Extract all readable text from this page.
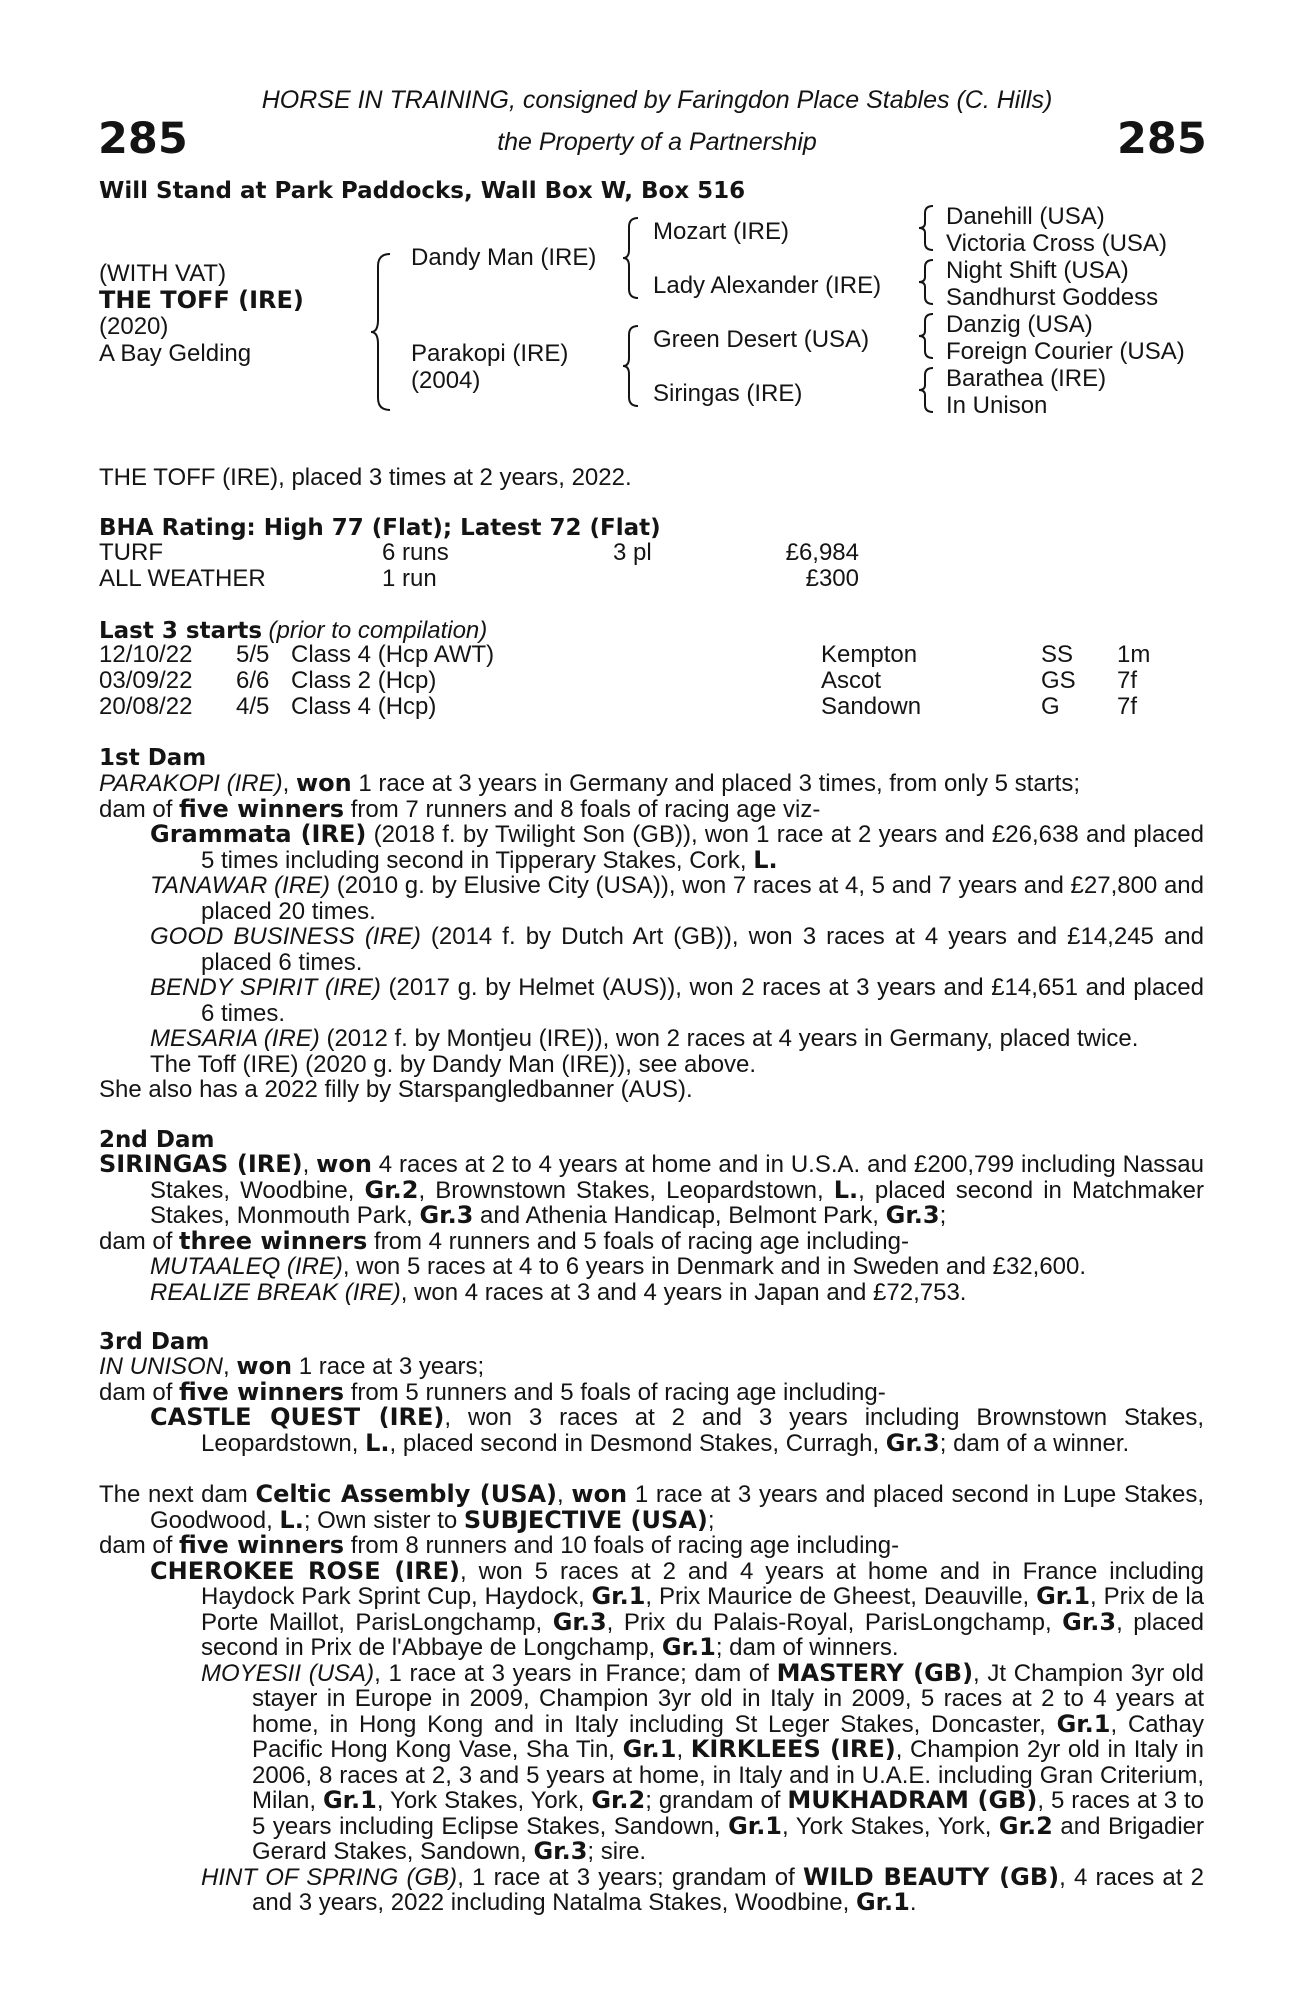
HORSE IN TRAINING, consigned by Faringdon Place Stables (C. Hills)
the Property of a Partnership
285	285
Will Stand at Park Paddocks, Wall Box W, Box 516
(WITH VAT)
THE TOFF (IRE)
(2020)
A Bay Gelding
Dandy Man (IRE)
Parakopi (IRE)
(2004)
Mozart (IRE)
Lady Alexander (IRE)
Green Desert (USA)
Siringas (IRE)
Danehill (USA)
Victoria Cross (USA)
Night Shift (USA)
Sandhurst Goddess
Danzig (USA)
Foreign Courier (USA)
Barathea (IRE)
In Unison
THE TOFF (IRE), placed 3 times at 2 years, 2022.
BHA Rating: High 77 (Flat); Latest 72 (Flat)
TURF	6 runs	3 pl	£6,984
ALL WEATHER	1 run	£300
Last 3 starts (prior to compilation)
12/10/22 5/5 Class 4 (Hcp AWT)	Kempton	SS 1m
03/09/22 6/6 Class 2 (Hcp)	Ascot	GS 7f
20/08/22 4/5 Class 4 (Hcp)	Sandown	G 7f
1st Dam

PARAKOPI (IRE), won 1 race at 3 years in Germany and placed 3 times, from only 5 starts;

dam of five winners from 7 runners and 8 foals of racing age viz-

Grammata (IRE) (2018 f. by Twilight Son (GB)), won 1 race at 2 years and £26,638 and placed 5 times including second in Tipperary Stakes, Cork, L.

TANAWAR (IRE) (2010 g. by Elusive City (USA)), won 7 races at 4, 5 and 7 years and £27,800 and placed 20 times.

GOOD BUSINESS (IRE) (2014 f. by Dutch Art (GB)), won 3 races at 4 years and £14,245 and placed 6 times.

BENDY SPIRIT (IRE) (2017 g. by Helmet (AUS)), won 2 races at 3 years and £14,651 and placed 6 times.

MESARIA (IRE) (2012 f. by Montjeu (IRE)), won 2 races at 4 years in Germany, placed twice.

The Toff (IRE) (2020 g. by Dandy Man (IRE)), see above.

She also has a 2022 filly by Starspangledbanner (AUS).

2nd Dam

SIRINGAS (IRE), won 4 races at 2 to 4 years at home and in U.S.A. and £200,799 including Nassau Stakes, Woodbine, Gr.2, Brownstown Stakes, Leopardstown, L., placed second in Matchmaker Stakes, Monmouth Park, Gr.3 and Athenia Handicap, Belmont Park, Gr.3;

dam of three winners from 4 runners and 5 foals of racing age including-

MUTAALEQ (IRE), won 5 races at 4 to 6 years in Denmark and in Sweden and £32,600.

REALIZE BREAK (IRE), won 4 races at 3 and 4 years in Japan and £72,753.

3rd Dam

IN UNISON, won 1 race at 3 years;

dam of five winners from 5 runners and 5 foals of racing age including-

CASTLE QUEST (IRE), won 3 races at 2 and 3 years including Brownstown Stakes, Leopardstown, L., placed second in Desmond Stakes, Curragh, Gr.3; dam of a winner.

The next dam Celtic Assembly (USA), won 1 race at 3 years and placed second in Lupe Stakes, Goodwood, L.; Own sister to SUBJECTIVE (USA);

dam of five winners from 8 runners and 10 foals of racing age including-

CHEROKEE ROSE (IRE), won 5 races at 2 and 4 years at home and in France including Haydock Park Sprint Cup, Haydock, Gr.1, Prix Maurice de Gheest, Deauville, Gr.1, Prix de la Porte Maillot, ParisLongchamp, Gr.3, Prix du Palais-Royal, ParisLongchamp, Gr.3, placed second in Prix de l'Abbaye de Longchamp, Gr.1; dam of winners.

MOYESII (USA), 1 race at 3 years in France; dam of MASTERY (GB), Jt Champion 3yr old stayer in Europe in 2009, Champion 3yr old in Italy in 2009, 5 races at 2 to 4 years at home, in Hong Kong and in Italy including St Leger Stakes, Doncaster, Gr.1, Cathay Pacific Hong Kong Vase, Sha Tin, Gr.1, KIRKLEES (IRE), Champion 2yr old in Italy in 2006, 8 races at 2, 3 and 5 years at home, in Italy and in U.A.E. including Gran Criterium, Milan, Gr.1, York Stakes, York, Gr.2; grandam of MUKHADRAM (GB), 5 races at 3 to 5 years including Eclipse Stakes, Sandown, Gr.1, York Stakes, York, Gr.2 and Brigadier Gerard Stakes, Sandown, Gr.3; sire.

HINT OF SPRING (GB), 1 race at 3 years; grandam of WILD BEAUTY (GB), 4 races at 2 and 3 years, 2022 including Natalma Stakes, Woodbine, Gr.1.
